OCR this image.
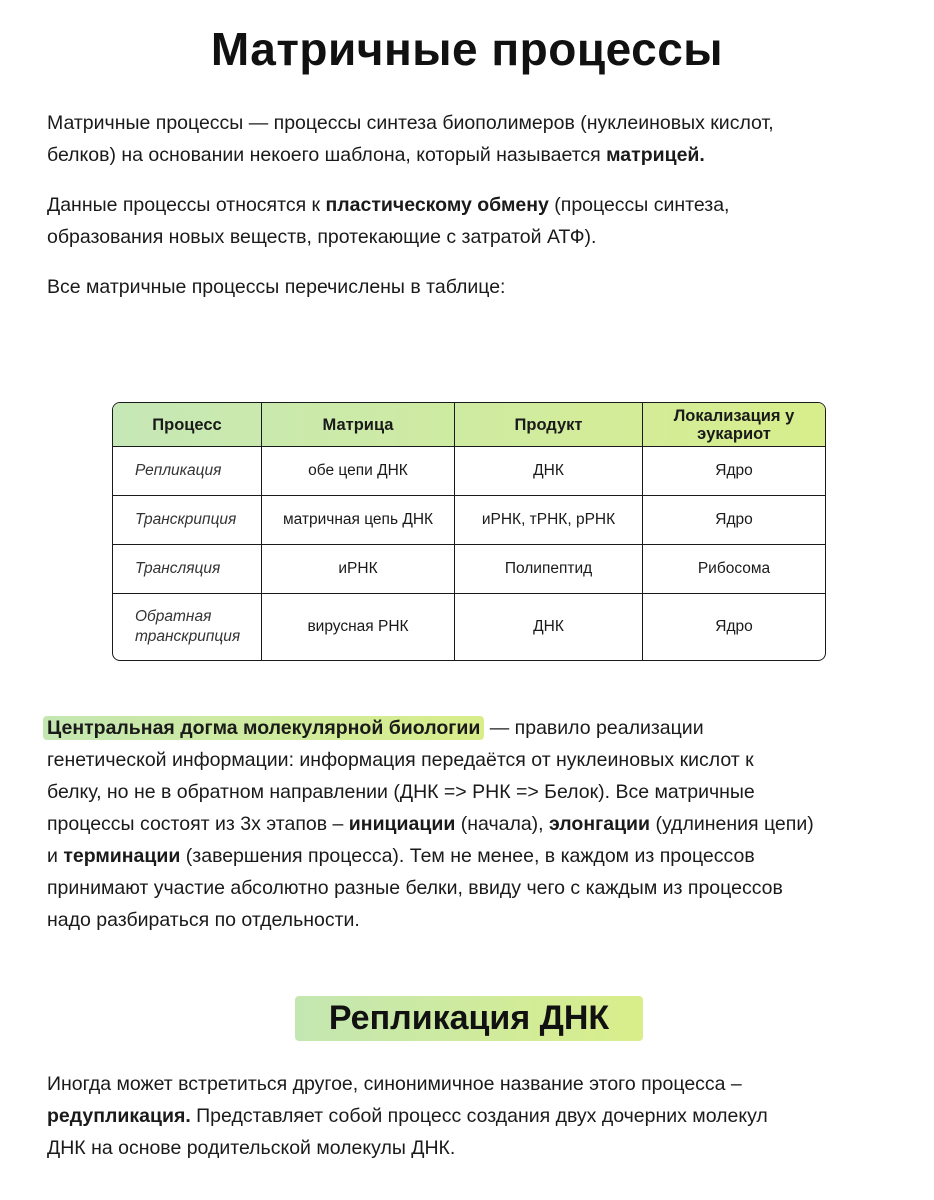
Матричные процессы
Матричные процессы — процессы синтеза биополимеров (нуклеиновых кислот,
белков) на основании некоего шаблона, который называется матрицей.
Данные процессы относятся к пластическому обмену (процессы синтеза,
образования новых веществ, протекающие с затратой АТФ).
Все матричные процессы перечислены в таблице:
Процесс	Матрица	Продукт	Локализация у эукариот
Репликация	обе цепи ДНК	ДНК	Ядро
Транскрипция	матричная цепь ДНК	иРНК, тРНК, рРНК	Ядро
Трансляция	иРНК	Полипептид	Рибосома
Обратная транскрипция	вирусная РНК	ДНК	Ядро
Центральная догма молекулярной биологии — правило реализации
генетической информации: информация передаётся от нуклеиновых кислот к
белку, но не в обратном направлении (ДНК => РНК => Белок). Все матричные
процессы состоят из 3х этапов – инициации (начала), элонгации (удлинения цепи)
и терминации (завершения процесса). Тем не менее, в каждом из процессов
принимают участие абсолютно разные белки, ввиду чего с каждым из процессов
надо разбираться по отдельности.
Репликация ДНК
Иногда может встретиться другое, синонимичное название этого процесса –
редупликация. Представляет собой процесс создания двух дочерних молекул
ДНК на основе родительской молекулы ДНК.
